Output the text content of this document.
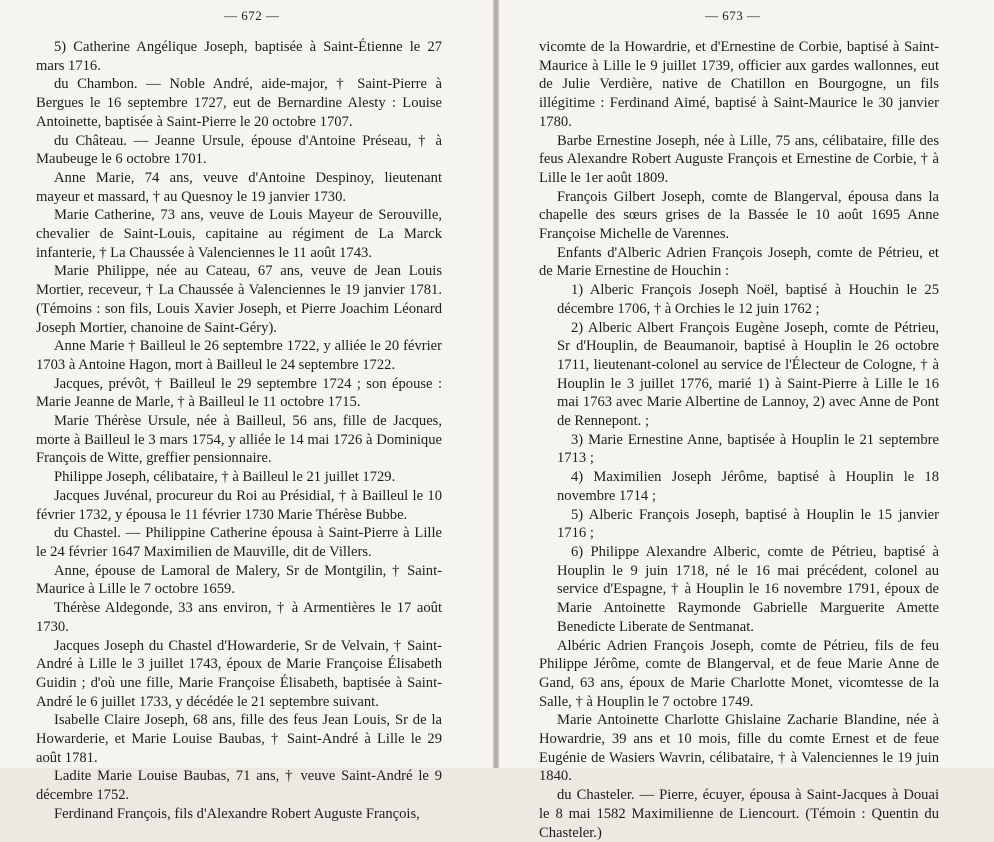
— 672 —

5) Catherine Angélique Joseph, baptisée à Saint-Étienne le 27 mars 1716.

du Chambon. — Noble André, aide-major, † Saint-Pierre à Bergues le 16 septembre 1727, eut de Bernardine Alesty : Louise Antoinette, baptisée à Saint-Pierre le 20 octobre 1707.

du Château. — Jeanne Ursule, épouse d'Antoine Préseau, † à Maubeuge le 6 octobre 1701.

Anne Marie, 74 ans, veuve d'Antoine Despinoy, lieutenant mayeur et massard, † au Quesnoy le 19 janvier 1730.

Marie Catherine, 73 ans, veuve de Louis Mayeur de Serouville, chevalier de Saint-Louis, capitaine au régiment de La Marck infanterie, † La Chaussée à Valenciennes le 11 août 1743.

Marie Philippe, née au Cateau, 67 ans, veuve de Jean Louis Mortier, receveur, † La Chaussée à Valenciennes le 19 janvier 1781. (Témoins : son fils, Louis Xavier Joseph, et Pierre Joachim Léonard Joseph Mortier, chanoine de Saint-Géry).

Anne Marie † Bailleul le 26 septembre 1722, y alliée le 20 février 1703 à Antoine Hagon, mort à Bailleul le 24 septembre 1722.

Jacques, prévôt, † Bailleul le 29 septembre 1724 ; son épouse : Marie Jeanne de Marle, † à Bailleul le 11 octobre 1715.

Marie Thérèse Ursule, née à Bailleul, 56 ans, fille de Jacques, morte à Bailleul le 3 mars 1754, y alliée le 14 mai 1726 à Dominique François de Witte, greffier pensionnaire.

Philippe Joseph, célibataire, † à Bailleul le 21 juillet 1729.

Jacques Juvénal, procureur du Roi au Présidial, † à Bailleul le 10 février 1732, y épousa le 11 février 1730 Marie Thérèse Bubbe.

du Chastel. — Philippine Catherine épousa à Saint-Pierre à Lille le 24 février 1647 Maximilien de Mauville, dit de Villers.

Anne, épouse de Lamoral de Malery, Sr de Montgilin, † Saint-Maurice à Lille le 7 octobre 1659.

Thérèse Aldegonde, 33 ans environ, † à Armentières le 17 août 1730.

Jacques Joseph du Chastel d'Howarderie, Sr de Velvain, † Saint-André à Lille le 3 juillet 1743, époux de Marie Françoise Élisabeth Guidin ; d'où une fille, Marie Françoise Élisabeth, baptisée à Saint-André le 6 juillet 1733, y décédée le 21 septembre suivant.

Isabelle Claire Joseph, 68 ans, fille des feus Jean Louis, Sr de la Howarderie, et Marie Louise Baubas, † Saint-André à Lille le 29 août 1781.

Ladite Marie Louise Baubas, 71 ans, † veuve Saint-André le 9 décembre 1752.

Ferdinand François, fils d'Alexandre Robert Auguste François,

— 673 —

vicomte de la Howardrie, et d'Ernestine de Corbie, baptisé à Saint-Maurice à Lille le 9 juillet 1739, officier aux gardes wallonnes, eut de Julie Verdière, native de Chatillon en Bourgogne, un fils illégitime : Ferdinand Aimé, baptisé à Saint-Maurice le 30 janvier 1780.

Barbe Ernestine Joseph, née à Lille, 75 ans, célibataire, fille des feus Alexandre Robert Auguste François et Ernestine de Corbie, † à Lille le 1er août 1809.

François Gilbert Joseph, comte de Blangerval, épousa dans la chapelle des sœurs grises de la Bassée le 10 août 1695 Anne Françoise Michelle de Varennes.

Enfants d'Alberic Adrien François Joseph, comte de Pétrieu, et de Marie Ernestine de Houchin :

1) Alberic François Joseph Noël, baptisé à Houchin le 25 décembre 1706, † à Orchies le 12 juin 1762 ;

2) Alberic Albert François Eugène Joseph, comte de Pétrieu, Sr d'Houplin, de Beaumanoir, baptisé à Houplin le 26 octobre 1711, lieutenant-colonel au service de l'Électeur de Cologne, † à Houplin le 3 juillet 1776, marié 1) à Saint-Pierre à Lille le 16 mai 1763 avec Marie Albertine de Lannoy, 2) avec Anne de Pont de Rennepont. ;

3) Marie Ernestine Anne, baptisée à Houplin le 21 septembre 1713 ;

4) Maximilien Joseph Jérôme, baptisé à Houplin le 18 novembre 1714 ;

5) Alberic François Joseph, baptisé à Houplin le 15 janvier 1716 ;

6) Philippe Alexandre Alberic, comte de Pétrieu, baptisé à Houplin le 9 juin 1718, né le 16 mai précédent, colonel au service d'Espagne, † à Houplin le 16 novembre 1791, époux de Marie Antoinette Raymonde Gabrielle Marguerite Amette Benedicte Liberate de Sentmanat.

Albéric Adrien François Joseph, comte de Pétrieu, fils de feu Philippe Jérôme, comte de Blangerval, et de feue Marie Anne de Gand, 63 ans, époux de Marie Charlotte Monet, vicomtesse de la Salle, † à Houplin le 7 octobre 1749.

Marie Antoinette Charlotte Ghislaine Zacharie Blandine, née à Howardrie, 39 ans et 10 mois, fille du comte Ernest et de feue Eugénie de Wasiers Wavrin, célibataire, † à Valenciennes le 19 juin 1840.

du Chasteler. — Pierre, écuyer, épousa à Saint-Jacques à Douai le 8 mai 1582 Maximilienne de Liencourt. (Témoin : Quentin du Chasteler.)
